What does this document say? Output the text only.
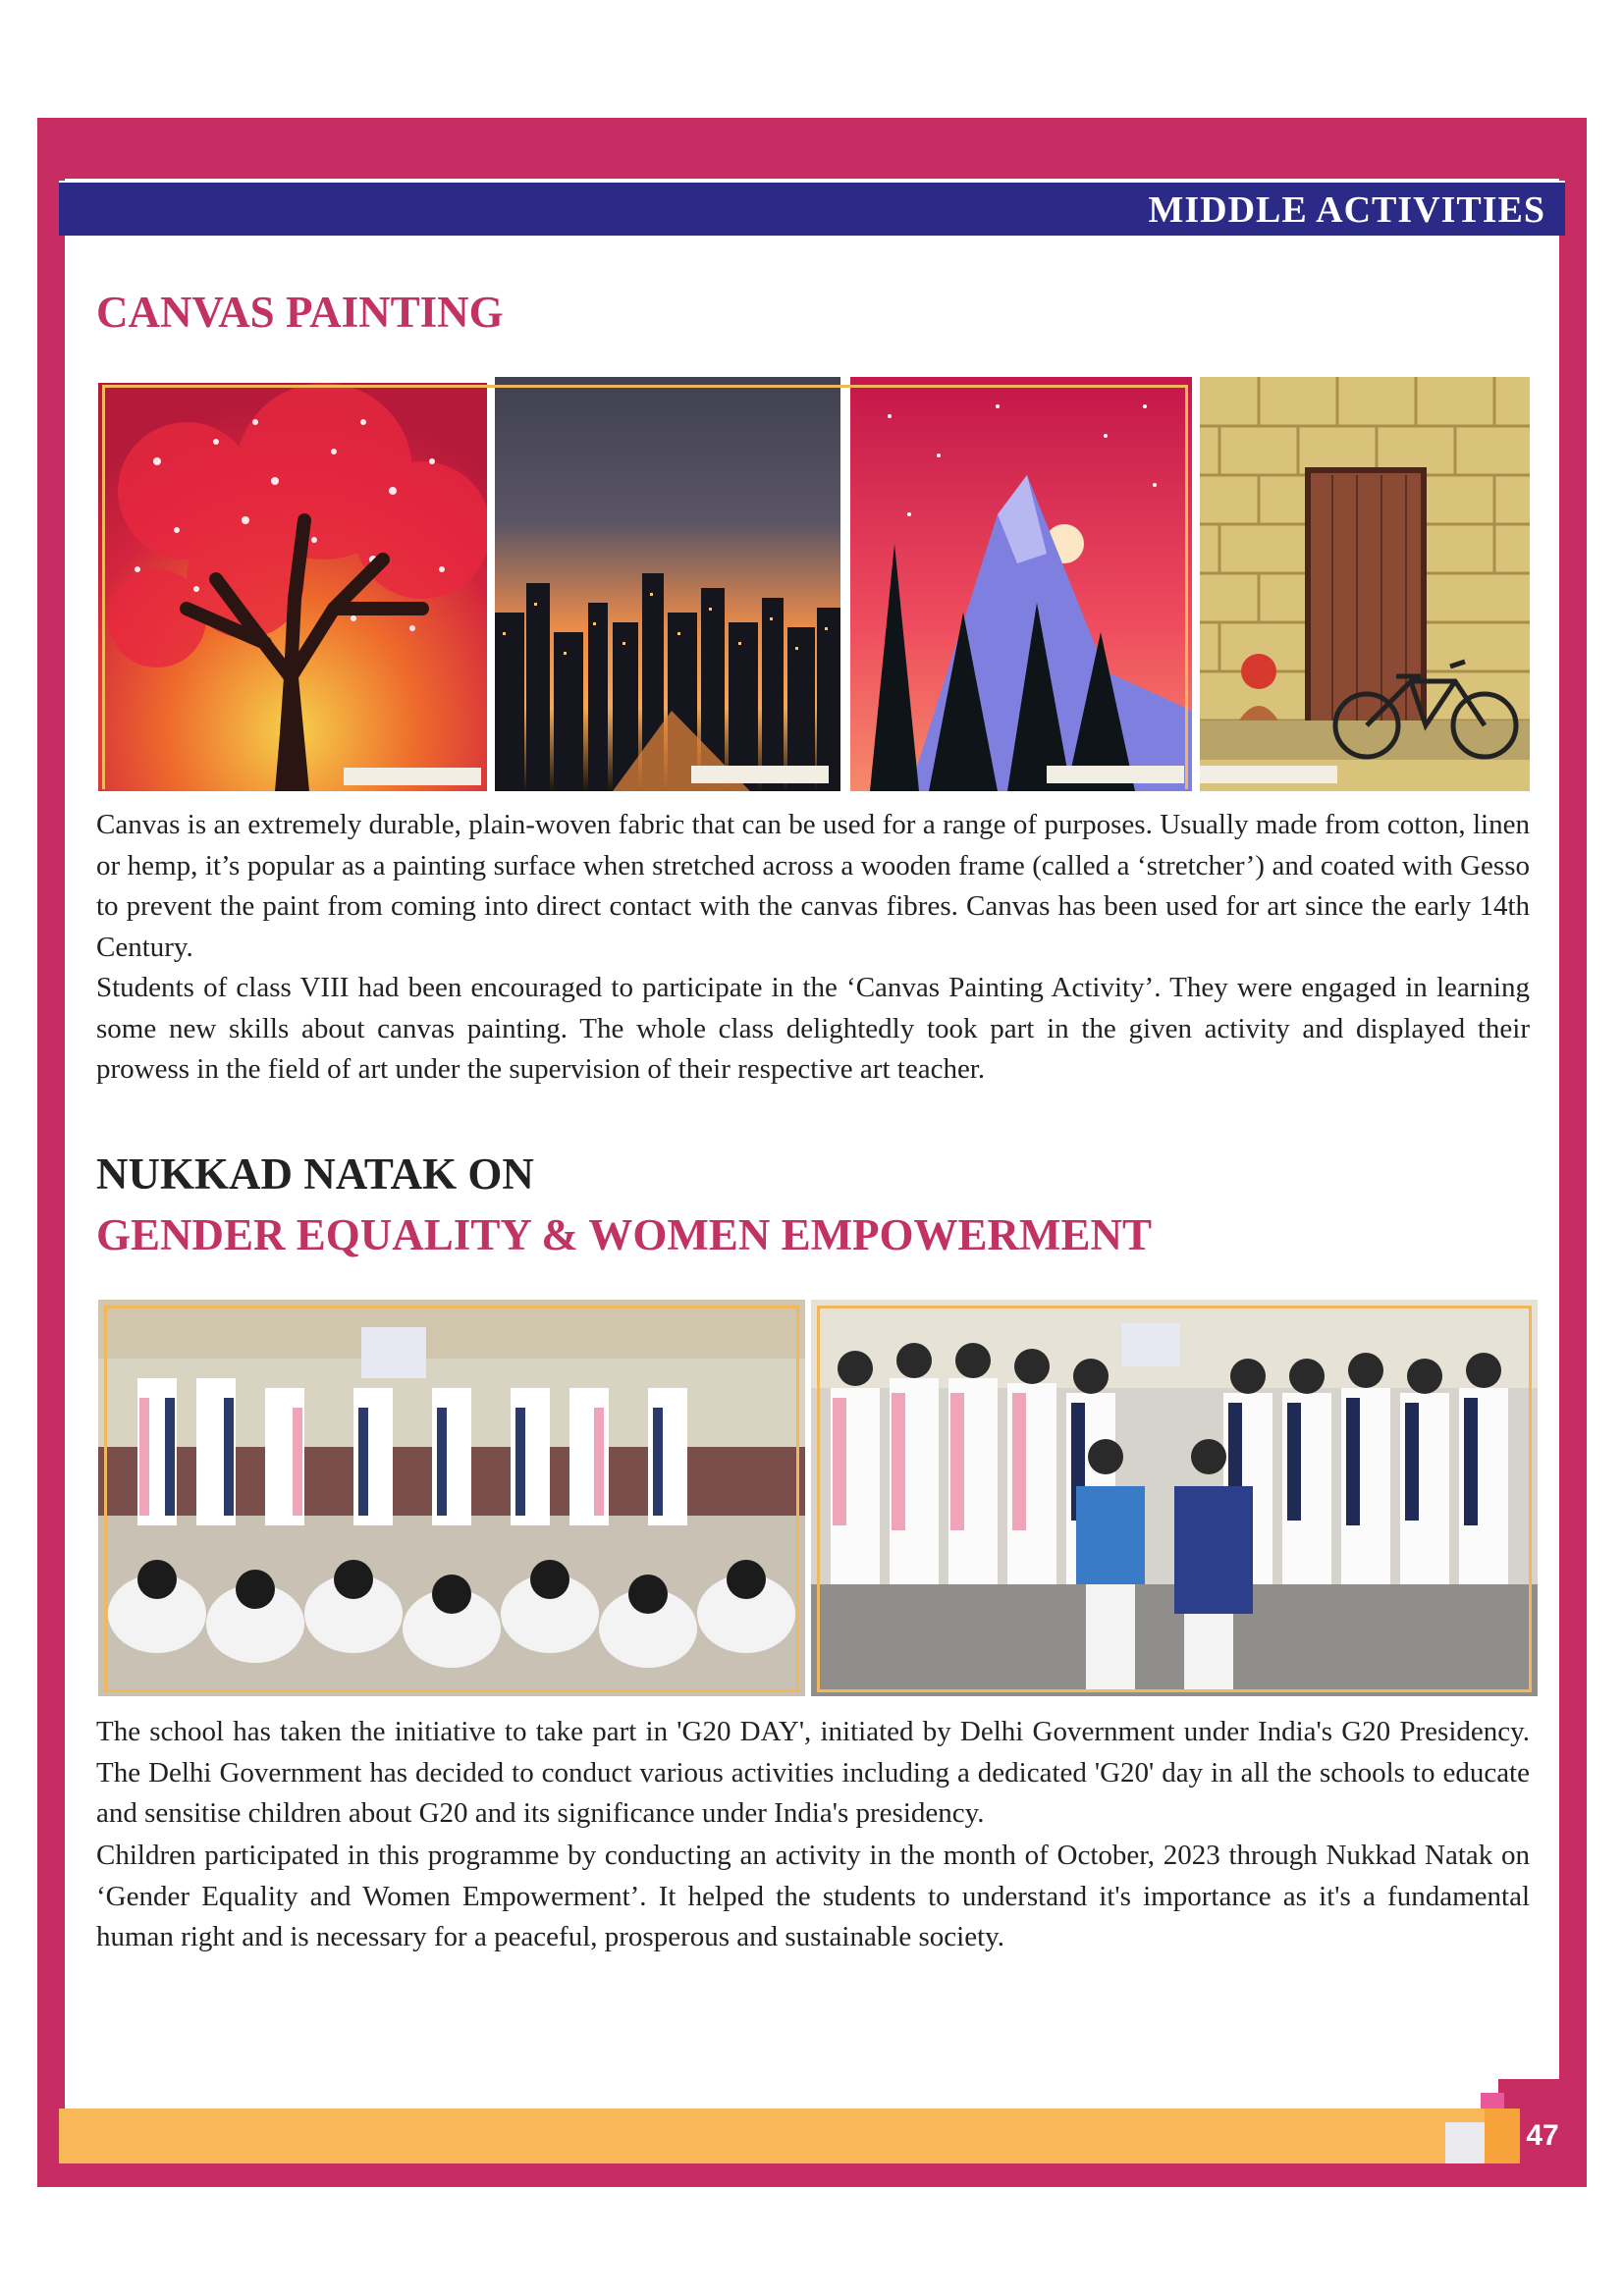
MIDDLE ACTIVITIES
CANVAS PAINTING

Canvas is an extremely durable, plain-woven fabric that can be used for a range of purposes. Usually made from cotton, linen or hemp, it’s popular as a painting surface when stretched across a wooden frame (called a ‘stretcher’) and coated with Gesso to prevent the paint from coming into direct contact with the canvas fibres. Canvas has been used for art since the early 14th Century.

Students of class VIII had been encouraged to participate in the ‘Canvas Painting Activity’. They were engaged in learning some new skills about canvas painting. The whole class delightedly took part in the given activity and displayed their prowess in the field of art under the supervision of their respective art teacher.

NUKKAD NATAK ON
GENDER EQUALITY & WOMEN EMPOWERMENT

The school has taken the initiative to take part in 'G20 DAY', initiated by Delhi Government under India's G20 Presidency. The Delhi Government has decided to conduct various activities including a dedicated 'G20' day in all the schools to educate and sensitise children about G20 and its significance under India's presidency.

Children participated in this programme by conducting an activity in the month of October, 2023 through Nukkad Natak on ‘Gender Equality and Women Empowerment’. It helped the students to understand it's importance as it's a fundamental human right and is necessary for a peaceful, prosperous and sustainable society.

47
